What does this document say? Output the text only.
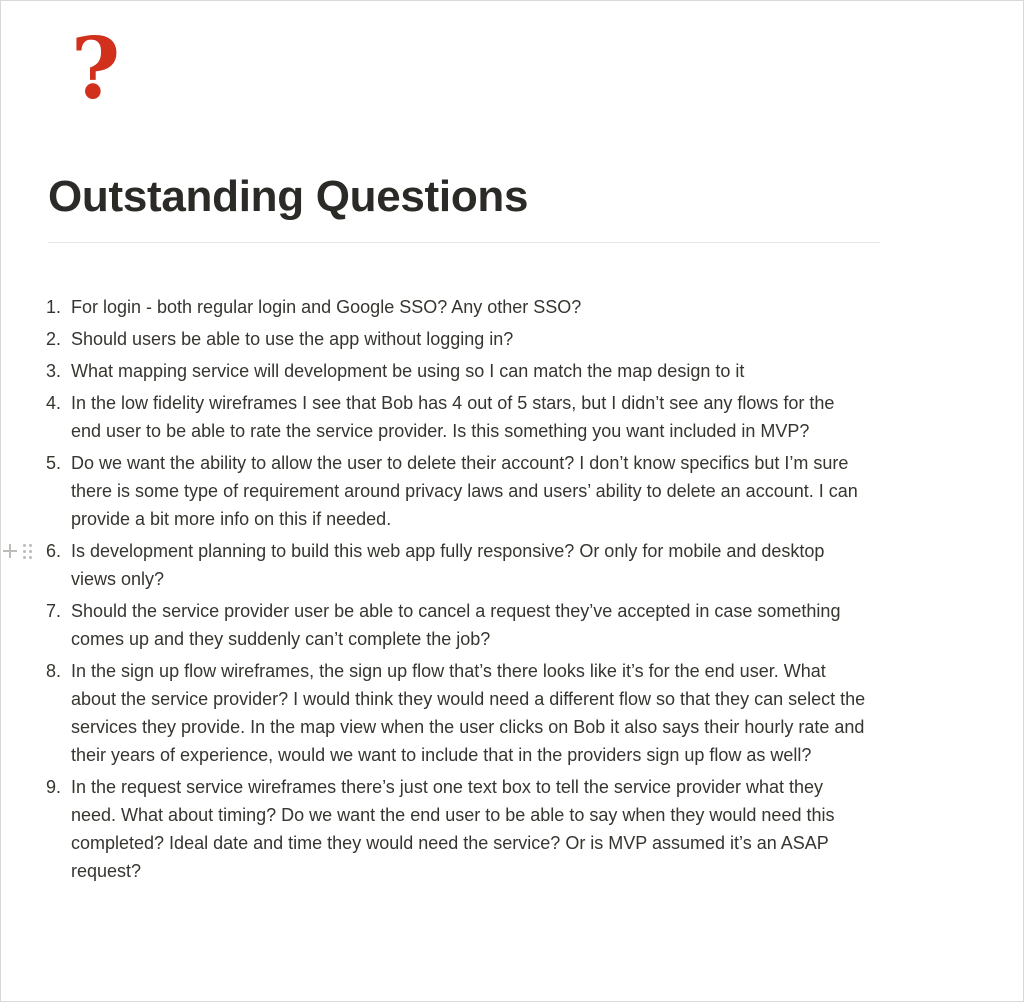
?
Outstanding Questions
1. For login - both regular login and Google SSO? Any other SSO?
2. Should users be able to use the app without logging in?
3. What mapping service will development be using so I can match the map design to it
4. In the low fidelity wireframes I see that Bob has 4 out of 5 stars, but I didn’t see any flows for the end user to be able to rate the service provider. Is this something you want included in MVP?
5. Do we want the ability to allow the user to delete their account? I don’t know specifics but I’m sure there is some type of requirement around privacy laws and users’ ability to delete an account. I can provide a bit more info on this if needed.
6. Is development planning to build this web app fully responsive? Or only for mobile and desktop views only?
7. Should the service provider user be able to cancel a request they’ve accepted in case something comes up and they suddenly can’t complete the job?
8. In the sign up flow wireframes, the sign up flow that’s there looks like it’s for the end user. What about the service provider? I would think they would need a different flow so that they can select the services they provide. In the map view when the user clicks on Bob it also says their hourly rate and their years of experience, would we want to include that in the providers sign up flow as well?
9. In the request service wireframes there’s just one text box to tell the service provider what they need. What about timing? Do we want the end user to be able to say when they would need this completed? Ideal date and time they would need the service? Or is MVP assumed it’s an ASAP request?
